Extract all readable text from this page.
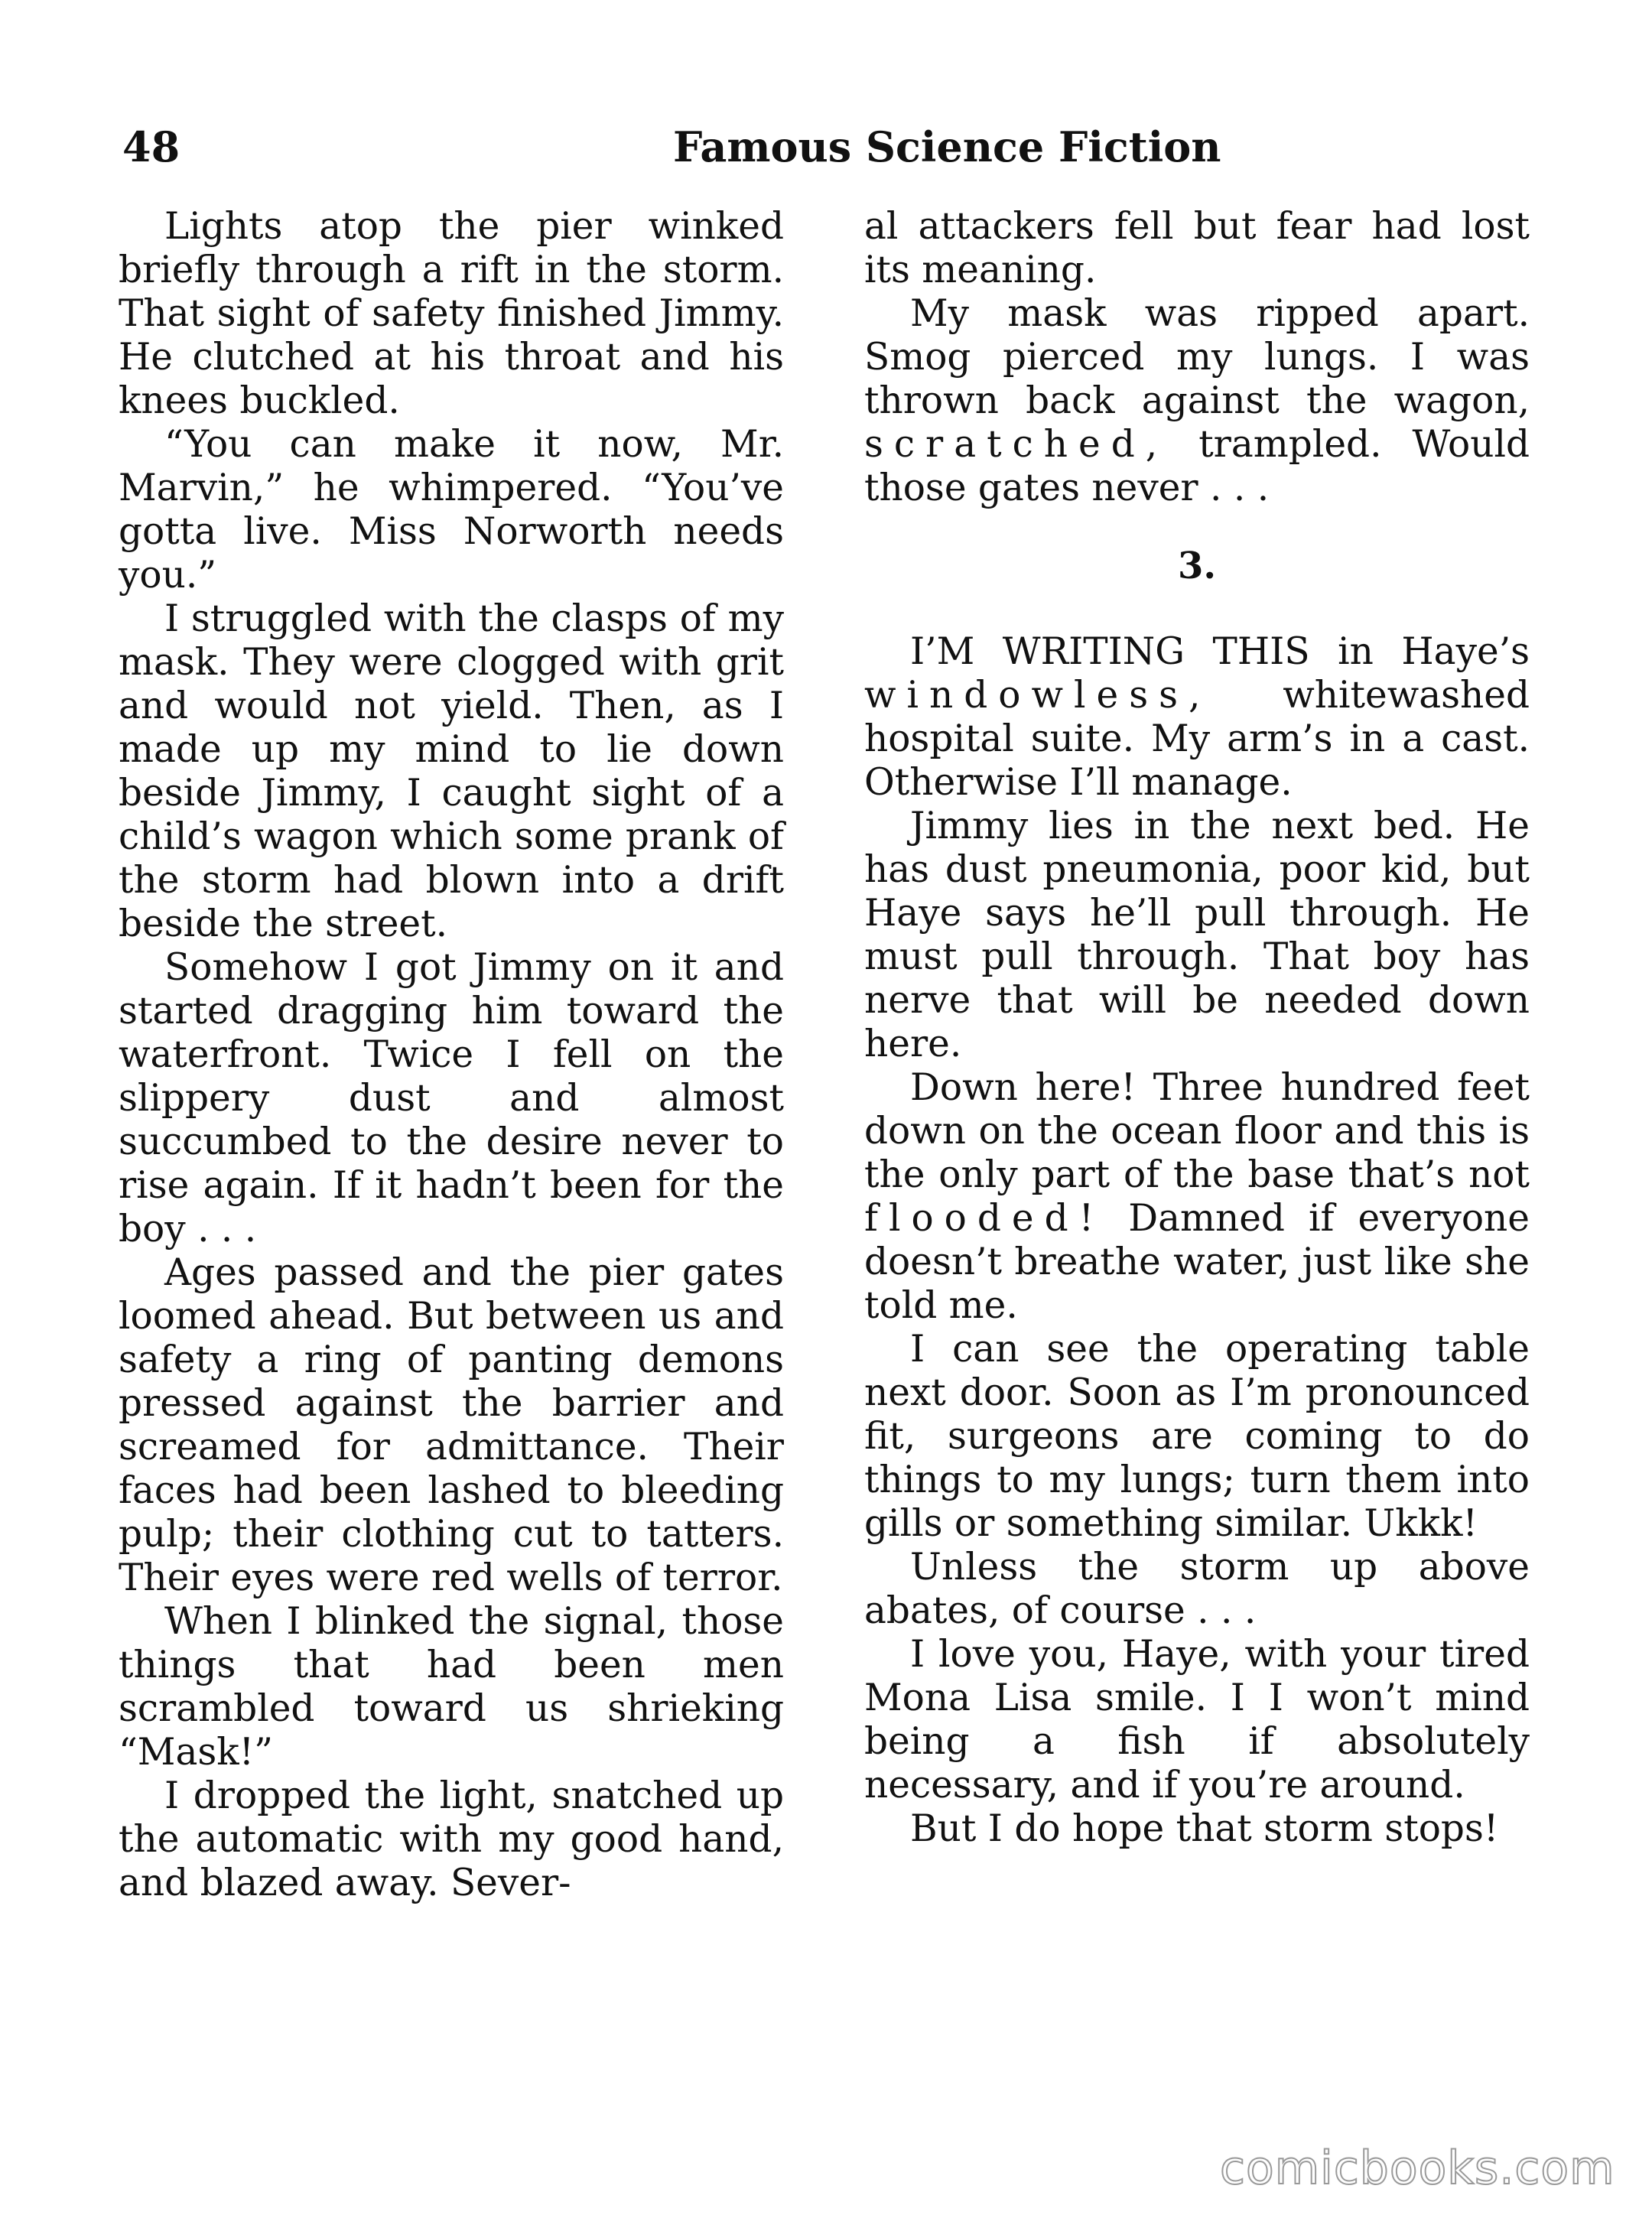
48	Famous Science Fiction

Lights atop the pier winked briefly through a rift in the storm. That sight of safety finished Jimmy. He clutched at his throat and his knees buckled.

“You can make it now, Mr. Marvin,” he whimpered. “You’ve gotta live. Miss Norworth needs you.”

I struggled with the clasps of my mask. They were clogged with grit and would not yield. Then, as I made up my mind to lie down beside Jimmy, I caught sight of a child’s wagon which some prank of the storm had blown into a drift beside the street.

Somehow I got Jimmy on it and started dragging him toward the waterfront. Twice I fell on the slippery dust and almost succumbed to the desire never to rise again. If it hadn’t been for the boy . . .

Ages passed and the pier gates loomed ahead. But between us and safety a ring of panting demons pressed against the barrier and screamed for admittance. Their faces had been lashed to bleeding pulp; their clothing cut to tatters. Their eyes were red wells of terror.

When I blinked the signal, those things that had been men scrambled toward us shrieking “Mask!”

I dropped the light, snatched up the automatic with my good hand, and blazed away. Sever-

al attackers fell but fear had lost its meaning.

My mask was ripped apart. Smog pierced my lungs. I was thrown back against the wagon, scratched, trampled. Would those gates never . . .

3.

I’M WRITING THIS in Haye’s windowless, whitewashed hospital suite. My arm’s in a cast. Otherwise I’ll manage.

Jimmy lies in the next bed. He has dust pneumonia, poor kid, but Haye says he’ll pull through. He must pull through. That boy has nerve that will be needed down here.

Down here! Three hundred feet down on the ocean floor and this is the only part of the base that’s not flooded! Damned if everyone doesn’t breathe water, just like she told me.

I can see the operating table next door. Soon as I’m pronounced fit, surgeons are coming to do things to my lungs; turn them into gills or something similar. Ukkk!

Unless the storm up above abates, of course . . .

I love you, Haye, with your tired Mona Lisa smile. I I won’t mind being a fish if absolutely necessary, and if you’re around.

But I do hope that storm stops!

comicbooks.com
